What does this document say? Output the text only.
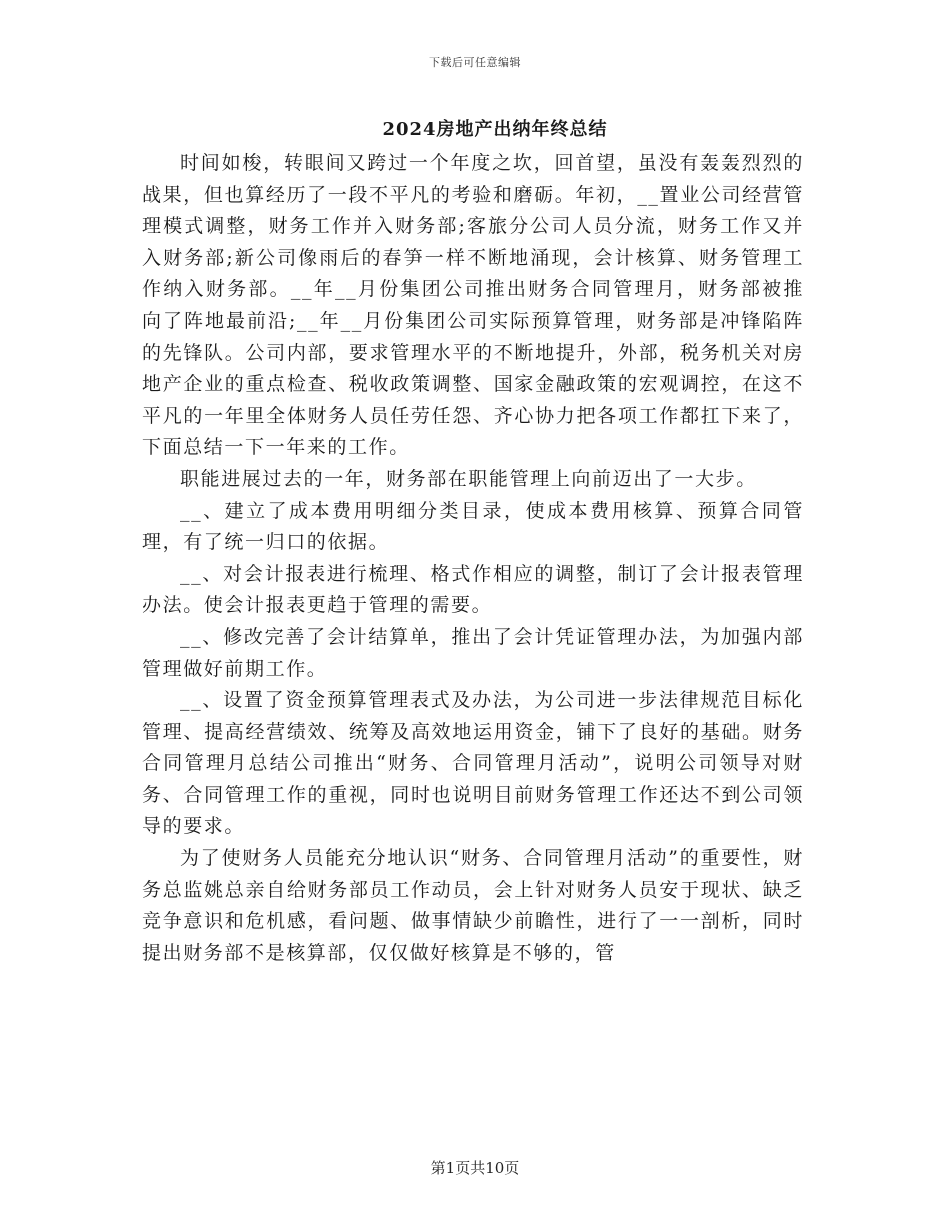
下载后可任意编辑
2024房地产出纳年终总结

时间如梭，转眼间又跨过一个年度之坎，回首望，虽没有轰轰烈烈的战果，但也算经历了一段不平凡的考验和磨砺。年初，__置业公司经营管理模式调整，财务工作并入财务部;客旅分公司人员分流，财务工作又并入财务部;新公司像雨后的春笋一样不断地涌现，会计核算、财务管理工作纳入财务部。__年__月份集团公司推出财务合同管理月，财务部被推向了阵地最前沿;__年__月份集团公司实际预算管理，财务部是冲锋陷阵的先锋队。公司内部，要求管理水平的不断地提升，外部，税务机关对房地产企业的重点检查、税收政策调整、国家金融政策的宏观调控，在这不平凡的一年里全体财务人员任劳任怨、齐心协力把各项工作都扛下来了，下面总结一下一年来的工作。

职能进展过去的一年，财务部在职能管理上向前迈出了一大步。

__、建立了成本费用明细分类目录，使成本费用核算、预算合同管理，有了统一归口的依据。

__、对会计报表进行梳理、格式作相应的调整，制订了会计报表管理办法。使会计报表更趋于管理的需要。

__、修改完善了会计结算单，推出了会计凭证管理办法，为加强内部管理做好前期工作。

__、设置了资金预算管理表式及办法，为公司进一步法律规范目标化管理、提高经营绩效、统筹及高效地运用资金，铺下了良好的基础。财务合同管理月总结公司推出“财务、合同管理月活动”，说明公司领导对财务、合同管理工作的重视，同时也说明目前财务管理工作还达不到公司领导的要求。

为了使财务人员能充分地认识“财务、合同管理月活动”的重要性，财务总监姚总亲自给财务部员工作动员，会上针对财务人员安于现状、缺乏竞争意识和危机感，看问题、做事情缺少前瞻性，进行了一一剖析，同时提出财务部不是核算部，仅仅做好核算是不够的，管

第1页共10页
